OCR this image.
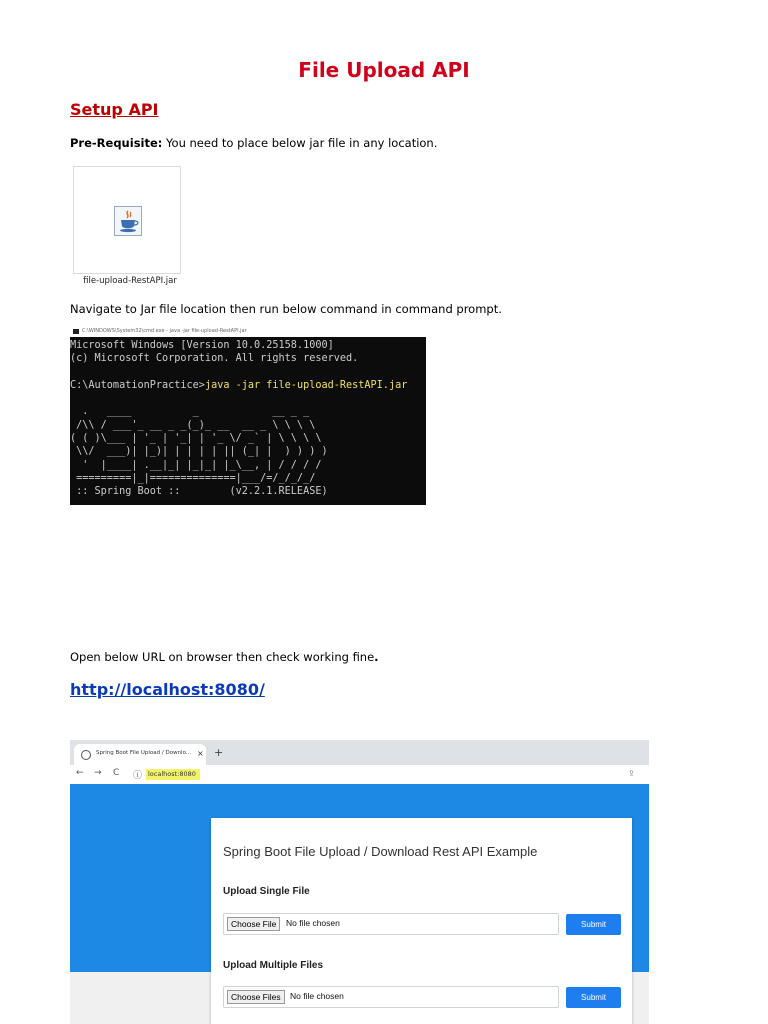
File Upload API
Setup API
Pre-Requisite: You need to place below jar file in any location.
file-upload-RestAPI.jar
Navigate to Jar file location then run below command in command prompt.
C:\WINDOWS\System32\cmd.exe - java -jar file-upload-RestAPI.jar
Microsoft Windows [Version 10.0.25158.1000]
(c) Microsoft Corporation. All rights reserved.

C:\AutomationPractice>java -jar file-upload-RestAPI.jar

.   ____          _            __ _ _
/\\ / ___'_ __ _ _(_)_ __  __ _ \ \ \ \
( ( )\___ | '_ | '_| | '_ \/ _` | \ \ \ \
\\/  ___)| |_)| | | | | || (_| |  ) ) ) )
'  |____| .__|_| |_|_| |_\__, | / / / /
=========|_|==============|___/=/_/_/_/
:: Spring Boot ::        (v2.2.1.RELEASE)
Open below URL on browser then check working fine.
http://localhost:8080/
Spring Boot File Upload / Downlo... × +
← → C ⓘ localhost:8080	⇪
Spring Boot File Upload / Download Rest API Example
Upload Single File
Choose File	No file chosen	Submit
Upload Multiple Files
Choose Files	No file chosen	Submit
